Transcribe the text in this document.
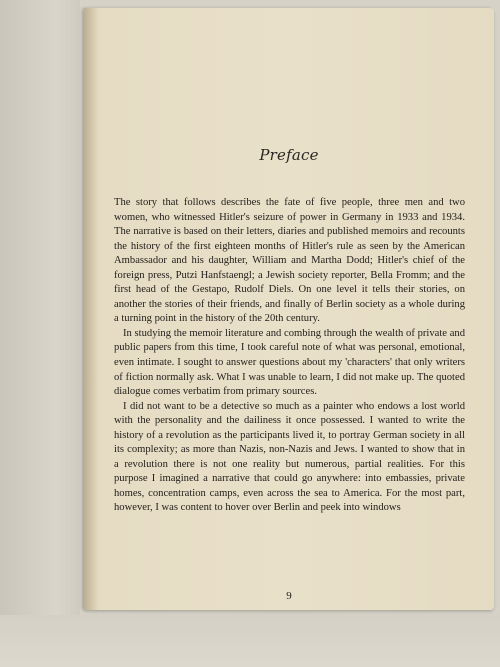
Preface

The story that follows describes the fate of five people, three men and two women, who witnessed Hitler's seizure of power in Germany in 1933 and 1934. The narrative is based on their letters, diaries and published memoirs and recounts the history of the first eighteen months of Hitler's rule as seen by the American Ambassador and his daughter, William and Martha Dodd; Hitler's chief of the foreign press, Putzi Hanfstaengl; a Jewish society reporter, Bella Fromm; and the first head of the Gestapo, Rudolf Diels. On one level it tells their stories, on another the stories of their friends, and finally of Berlin society as a whole during a turning point in the history of the 20th century.

In studying the memoir literature and combing through the wealth of private and public papers from this time, I took careful note of what was personal, emotional, even intimate. I sought to answer questions about my 'characters' that only writers of fiction normally ask. What I was unable to learn, I did not make up. The quoted dialogue comes verbatim from primary sources.

I did not want to be a detective so much as a painter who endows a lost world with the personality and the dailiness it once possessed. I wanted to write the history of a revolution as the participants lived it, to portray German society in all its complexity; as more than Nazis, non-Nazis and Jews. I wanted to show that in a revolution there is not one reality but numerous, partial realities. For this purpose I imagined a narrative that could go anywhere: into embassies, private homes, concentration camps, even across the sea to America. For the most part, however, I was content to hover over Berlin and peek into windows

9
